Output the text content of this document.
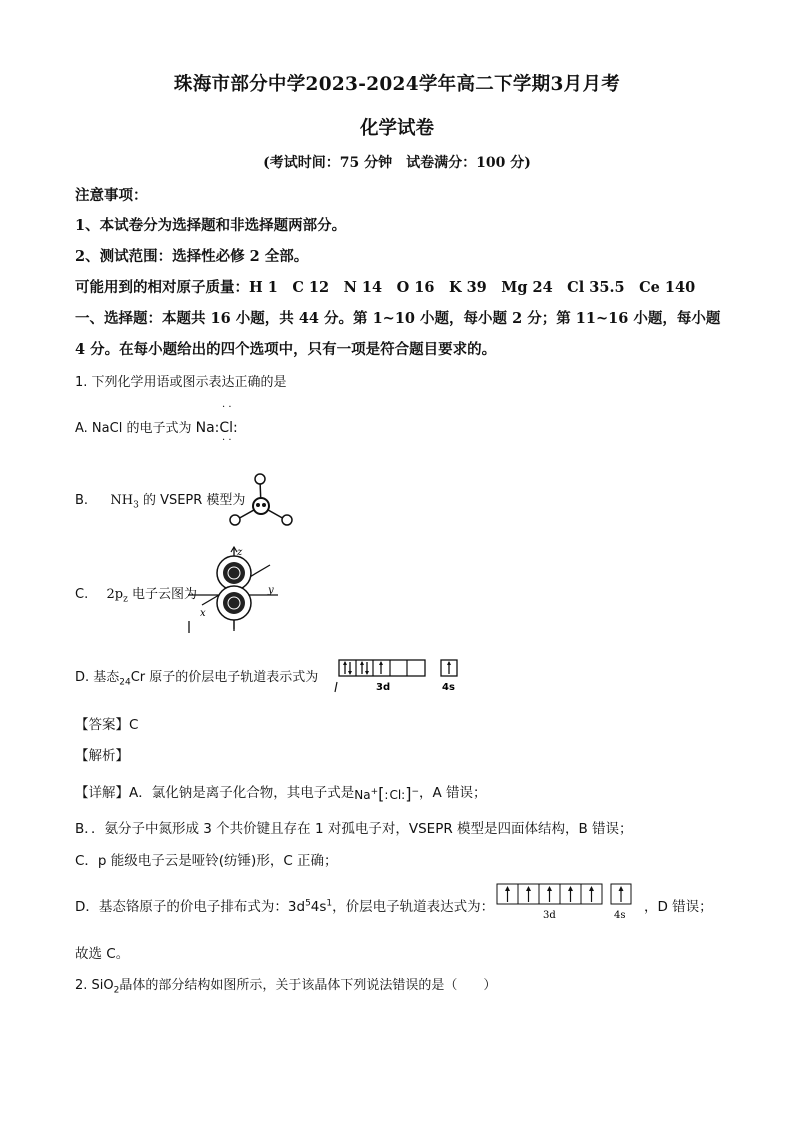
珠海市部分中学2023-2024学年高二下学期3月月考
化学试卷
(考试时间：75 分钟　试卷满分：100 分)
注意事项：
1、本试卷分为选择题和非选择题两部分。
2、测试范围：选择性必修 2 全部。
可能用到的相对原子质量：H 1　C 12　N 14　O 16　K 39　Mg 24　Cl 35.5　Ce 140
一、选择题：本题共 16 小题，共 44 分。第 1~10 小题，每小题 2 分；第 11~16 小题，每小题
4 分。在每小题给出的四个选项中，只有一项是符合题目要求的。
1. 下列化学用语或图示表达正确的是
A. NaCl 的电子式为 Na:Cl:
· ·
· ·
B. $NH_3$ 的 VSEPR 模型为
C. $2p_z$ 电子云图为
z
y
x
D. 基态$_{24}$Cr 原子的价层电子轨道表示式为
3d	4s
【答案】C
【解析】
【详解】A．氯化钠是离子化合物，其电子式是Na+[:Cl:]−，A 错误；
B．．氨分子中氮形成 3 个共价键且存在 1 对孤电子对，VSEPR 模型是四面体结构，B 错误；
C．p 能级电子云是哑铃(纺锤)形，C 正确；
D．基态铬原子的价电子排布式为：$3d^54s^1$，价层电子轨道表达式为：
3d	4s
，D 错误；
故选 C。
2. SiO$_2$晶体的部分结构如图所示，关于该晶体下列说法错误的是（　　）
